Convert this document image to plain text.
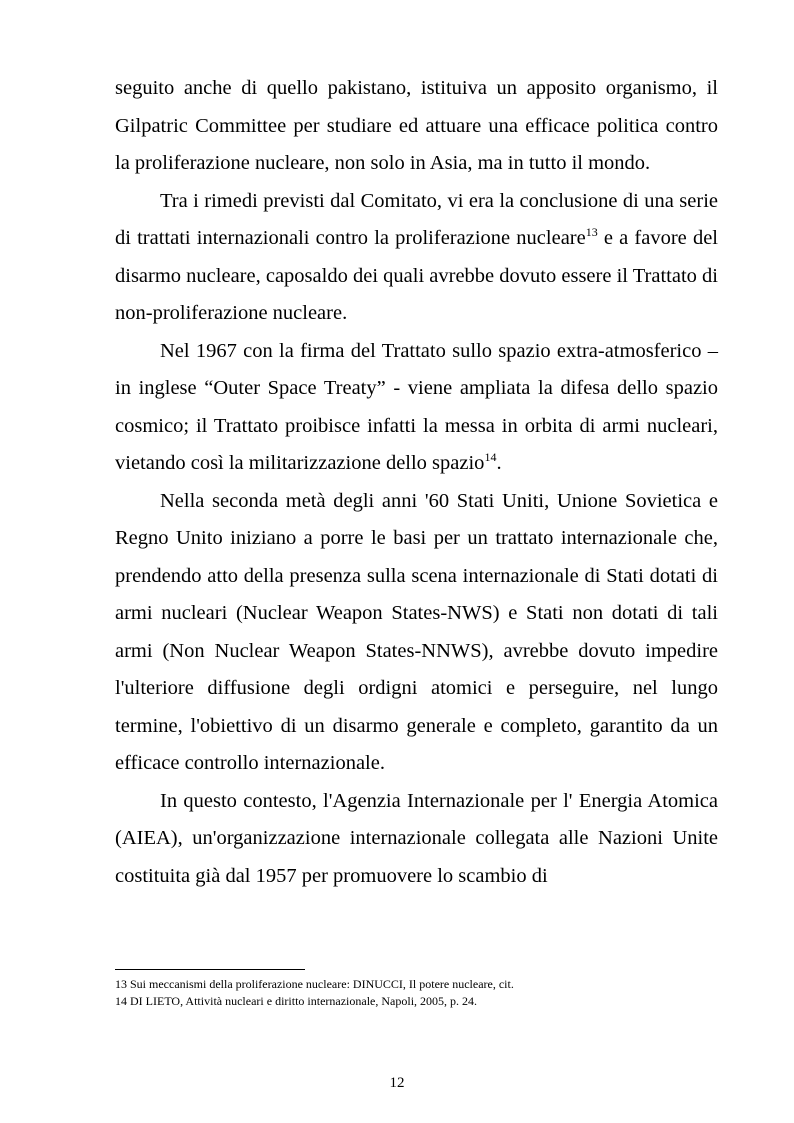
seguito anche di quello pakistano, istituiva un apposito organismo, il Gilpatric Committee per studiare ed attuare una efficace politica contro la proliferazione nucleare, non solo in Asia, ma in tutto il mondo.

Tra i rimedi previsti dal Comitato, vi era la conclusione di una serie di trattati internazionali contro la proliferazione nucleare$^{13}$ e a favore del disarmo nucleare, caposaldo dei quali avrebbe dovuto essere il Trattato di non-proliferazione nucleare.

Nel 1967 con la firma del Trattato sullo spazio extra-atmosferico – in inglese “Outer Space Treaty” - viene ampliata la difesa dello spazio cosmico; il Trattato proibisce infatti la messa in orbita di armi nucleari, vietando così la militarizzazione dello spazio$^{14}$.

Nella seconda metà degli anni '60 Stati Uniti, Unione Sovietica e Regno Unito iniziano a porre le basi per un trattato internazionale che, prendendo atto della presenza sulla scena internazionale di Stati dotati di armi nucleari (Nuclear Weapon States-NWS) e Stati non dotati di tali armi (Non Nuclear Weapon States-NNWS), avrebbe dovuto impedire l'ulteriore diffusione degli ordigni atomici e perseguire, nel lungo termine, l'obiettivo di un disarmo generale e completo, garantito da un efficace controllo internazionale.

In questo contesto, l'Agenzia Internazionale per l' Energia Atomica (AIEA), un'organizzazione internazionale collegata alle Nazioni Unite costituita già dal 1957 per promuovere lo scambio di

13 Sui meccanismi della proliferazione nucleare: DINUCCI, Il potere nucleare, cit.

14 DI LIETO, Attività nucleari e diritto internazionale, Napoli, 2005, p. 24.

12
